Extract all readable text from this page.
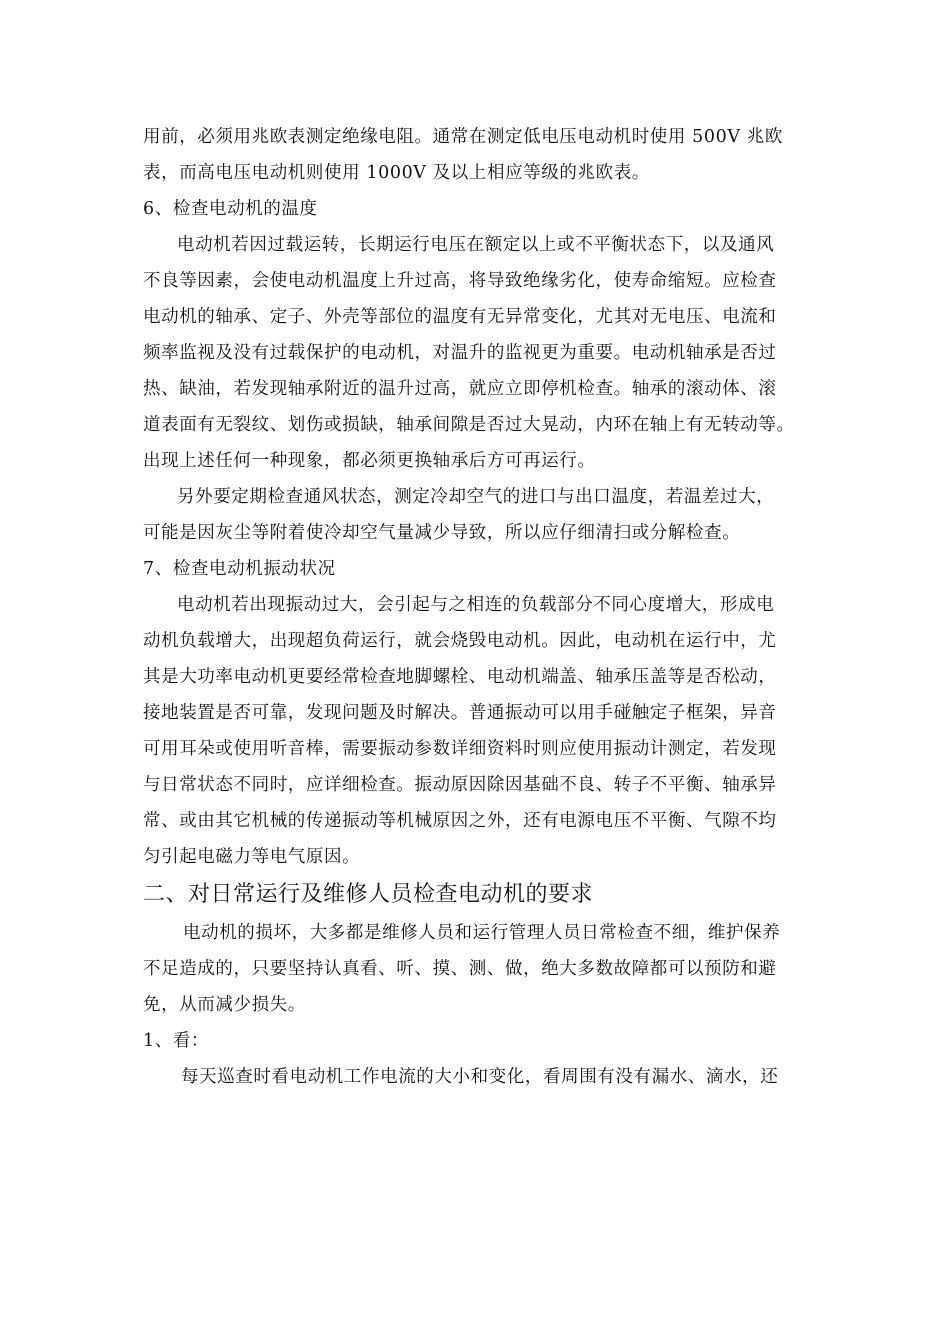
用前，必须用兆欧表测定绝缘电阻。通常在测定低电压电动机时使用 500V 兆欧
表，而高电压电动机则使用 1000V 及以上相应等级的兆欧表。
6、检查电动机的温度
电动机若因过载运转，长期运行电压在额定以上或不平衡状态下，以及通风
不良等因素，会使电动机温度上升过高，将导致绝缘劣化，使寿命缩短。应检查
电动机的轴承、定子、外壳等部位的温度有无异常变化，尤其对无电压、电流和
频率监视及没有过载保护的电动机，对温升的监视更为重要。电动机轴承是否过
热、缺油，若发现轴承附近的温升过高，就应立即停机检查。轴承的滚动体、滚
道表面有无裂纹、划伤或损缺，轴承间隙是否过大晃动，内环在轴上有无转动等。
出现上述任何一种现象，都必须更换轴承后方可再运行。
另外要定期检查通风状态，测定冷却空气的进口与出口温度，若温差过大，
可能是因灰尘等附着使冷却空气量减少导致，所以应仔细清扫或分解检查。
7、检查电动机振动状况
电动机若出现振动过大，会引起与之相连的负载部分不同心度增大，形成电
动机负载增大，出现超负荷运行，就会烧毁电动机。因此，电动机在运行中，尤
其是大功率电动机更要经常检查地脚螺栓、电动机端盖、轴承压盖等是否松动，
接地装置是否可靠，发现问题及时解决。普通振动可以用手碰触定子框架，异音
可用耳朵或使用听音棒，需要振动参数详细资料时则应使用振动计测定，若发现
与日常状态不同时，应详细检查。振动原因除因基础不良、转子不平衡、轴承异
常、或由其它机械的传递振动等机械原因之外，还有电源电压不平衡、气隙不均
匀引起电磁力等电气原因。
二、对日常运行及维修人员检查电动机的要求
电动机的损坏，大多都是维修人员和运行管理人员日常检查不细，维护保养
不足造成的，只要坚持认真看、听、摸、测、做，绝大多数故障都可以预防和避
免，从而减少损失。
1、看：
每天巡查时看电动机工作电流的大小和变化，看周围有没有漏水、滴水，还
